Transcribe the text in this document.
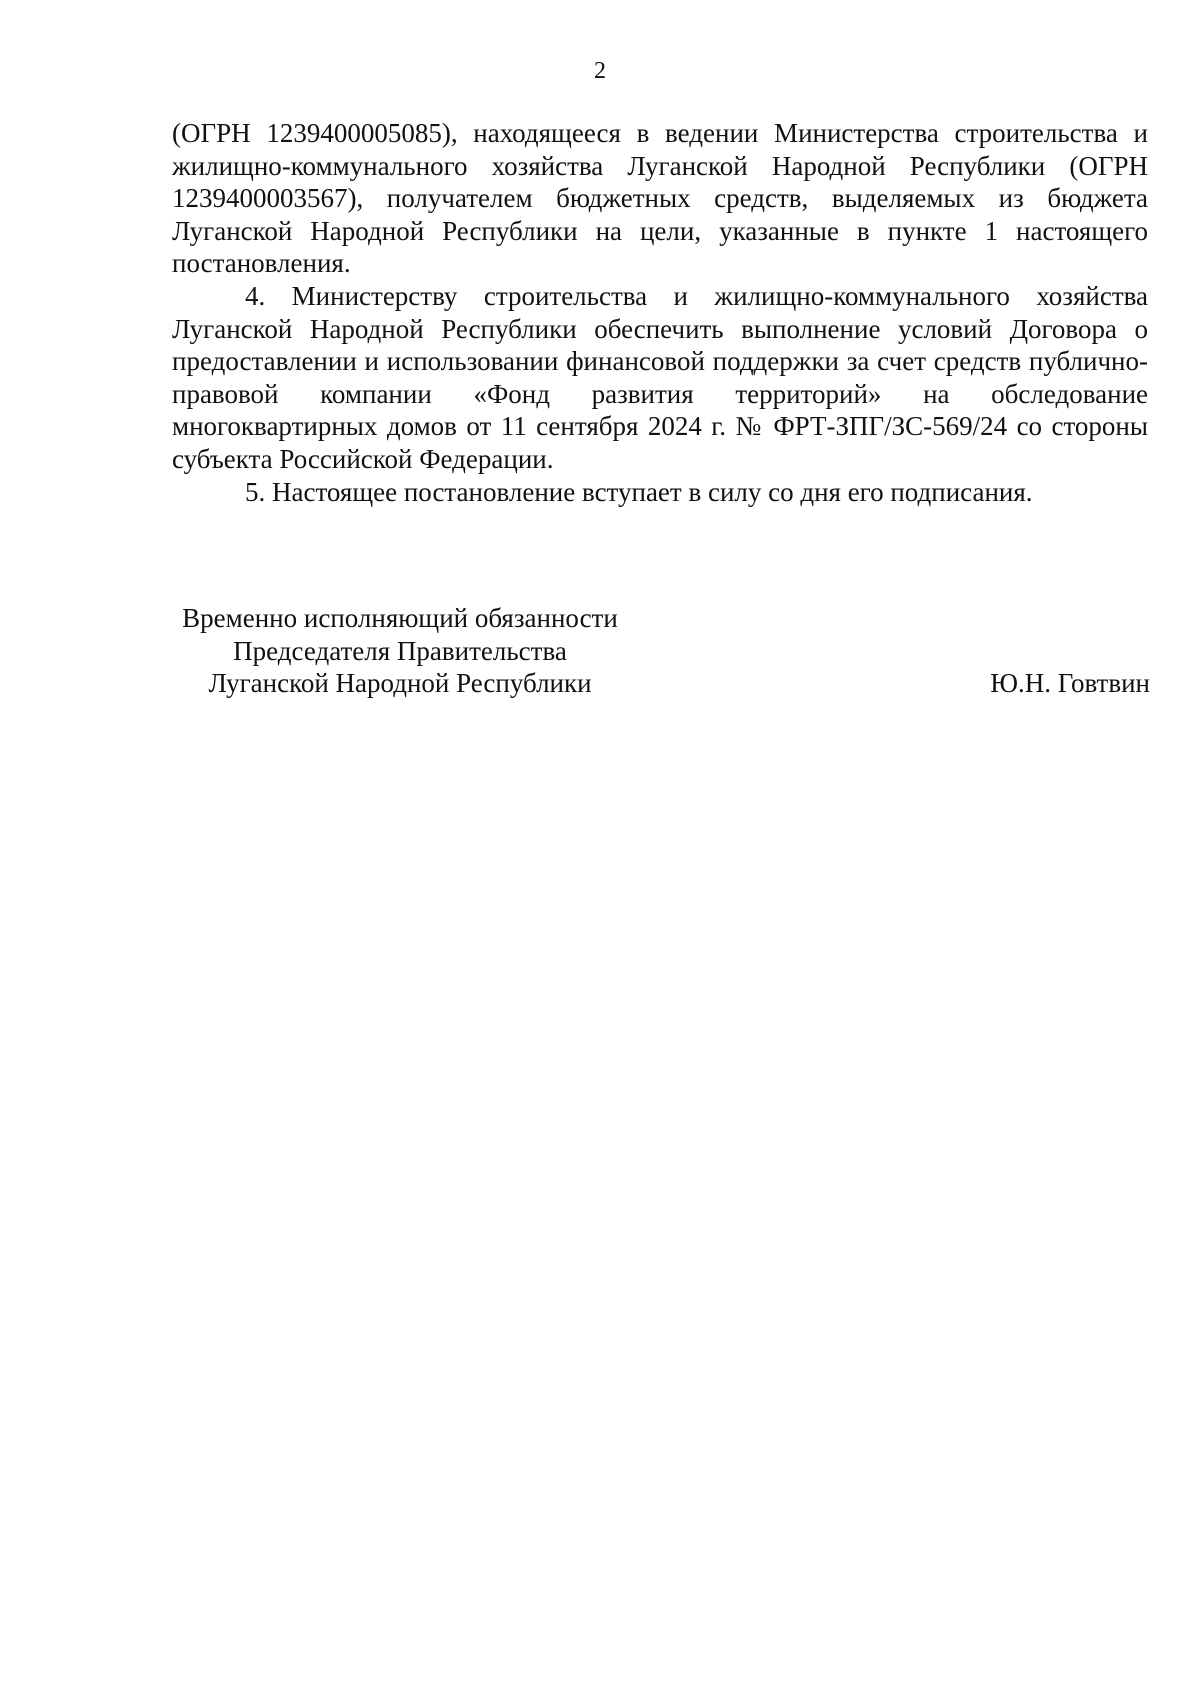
2

(ОГРН 1239400005085), находящееся в ведении Министерства строительства и жилищно-коммунального хозяйства Луганской Народной Республики (ОГРН 1239400003567), получателем бюджетных средств, выделяемых из бюджета Луганской Народной Республики на цели, указанные в пункте 1 настоящего постановления.

4. Министерству строительства и жилищно-коммунального хозяйства Луганской Народной Республики обеспечить выполнение условий Договора о предоставлении и использовании финансовой поддержки за счет средств публично-правовой компании «Фонд развития территорий» на обследование многоквартирных домов от 11 сентября 2024 г. № ФРТ-ЗПГ/ЗС-569/24 со стороны субъекта Российской Федерации.

5. Настоящее постановление вступает в силу со дня его подписания.

Временно исполняющий обязанности
Председателя Правительства
Луганской Народной Республики	Ю.Н. Говтвин
